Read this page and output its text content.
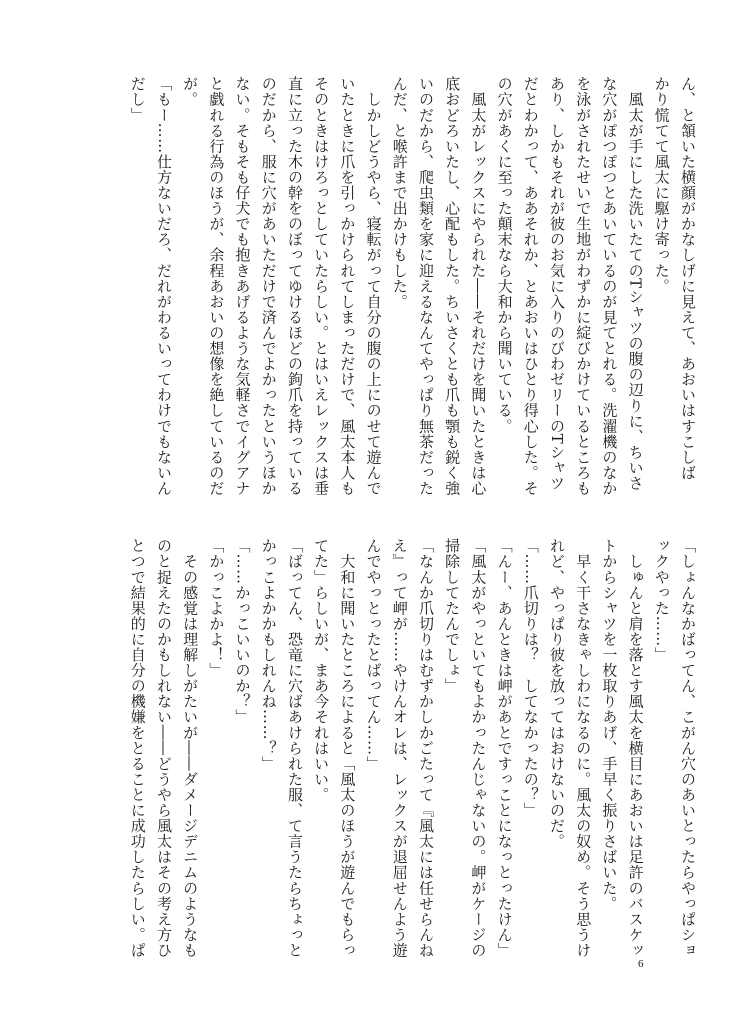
ん、と頷いた横顔がかなしげに見えて、あおいはすこしば
かり慌てて風太に駆け寄った。
　風太が手にした洗いたてのTシャツの腹の辺りに、ちいさ
な穴がぽつぽつとあいているのが見てとれる。洗濯機のなか
を泳がされたせいで生地がわずかに綻びかけているところも
あり、しかもそれが彼のお気に入りのびわゼリーのTシャツ
だとわかって、ああそれか、とあおいはひとり得心した。そ
の穴があくに至った顛末なら大和から聞いている。
　風太がレックスにやられた――それだけを聞いたときは心
底おどろいたし、心配もした。ちいさくとも爪も顎も鋭く強
いのだから、爬虫類を家に迎えるなんてやっぱり無茶だった
んだ、と喉許まで出かけもした。
　しかしどうやら、寝転がって自分の腹の上にのせて遊んで
いたときに爪を引っかけられてしまっただけで、風太本人も
そのときはけろっとしていたらしい。とはいえレックスは垂
直に立った木の幹をのぼってゆけるほどの鉤爪を持っている
のだから、服に穴があいただけで済んでよかったというほか
ない。そもそも仔犬でも抱きあげるような気軽さでイグアナ
と戯れる行為のほうが、余程あおいの想像を絶しているのだ
が。
「もー……仕方ないだろ、だれがわるいってわけでもないん
だし」
「しょんなかばってん、こがん穴のあいとったらやっぱショ
ックやった……」
　しゅんと肩を落とす風太を横目にあおいは足許のバスケッ
トからシャツを一枚取りあげ、手早く振りさばいた。
　早く干さなきゃしわになるのに。風太の奴め。そう思うけ
れど、やっぱり彼を放ってはおけないのだ。
「……爪切りは？　してなかったの？」
「んー、あんときは岬があとですっことになっとったけん」
「風太がやっといてもよかったんじゃないの。岬がケージの
掃除してたんでしょ」
「なんか爪切りはむずかしかごたって『風太には任せらんね
え』って岬が……やけんオレは、レックスが退屈せんよう遊
んでやっとったとばってん……」
　大和に聞いたところによると「風太のほうが遊んでもらっ
てた」らしいが、まあ今それはいい。
「ばってん、恐竜に穴ばあけられた服、て言うたらちょっと
かっこよかかもしれんね……？」
「……かっこいいのか？」
「かっこよかよ！」
　その感覚は理解しがたいが――ダメージデニムのようなも
のと捉えたのかもしれない――どうやら風太はその考え方ひ
とつで結果的に自分の機嫌をとることに成功したらしい。ぱ
6
